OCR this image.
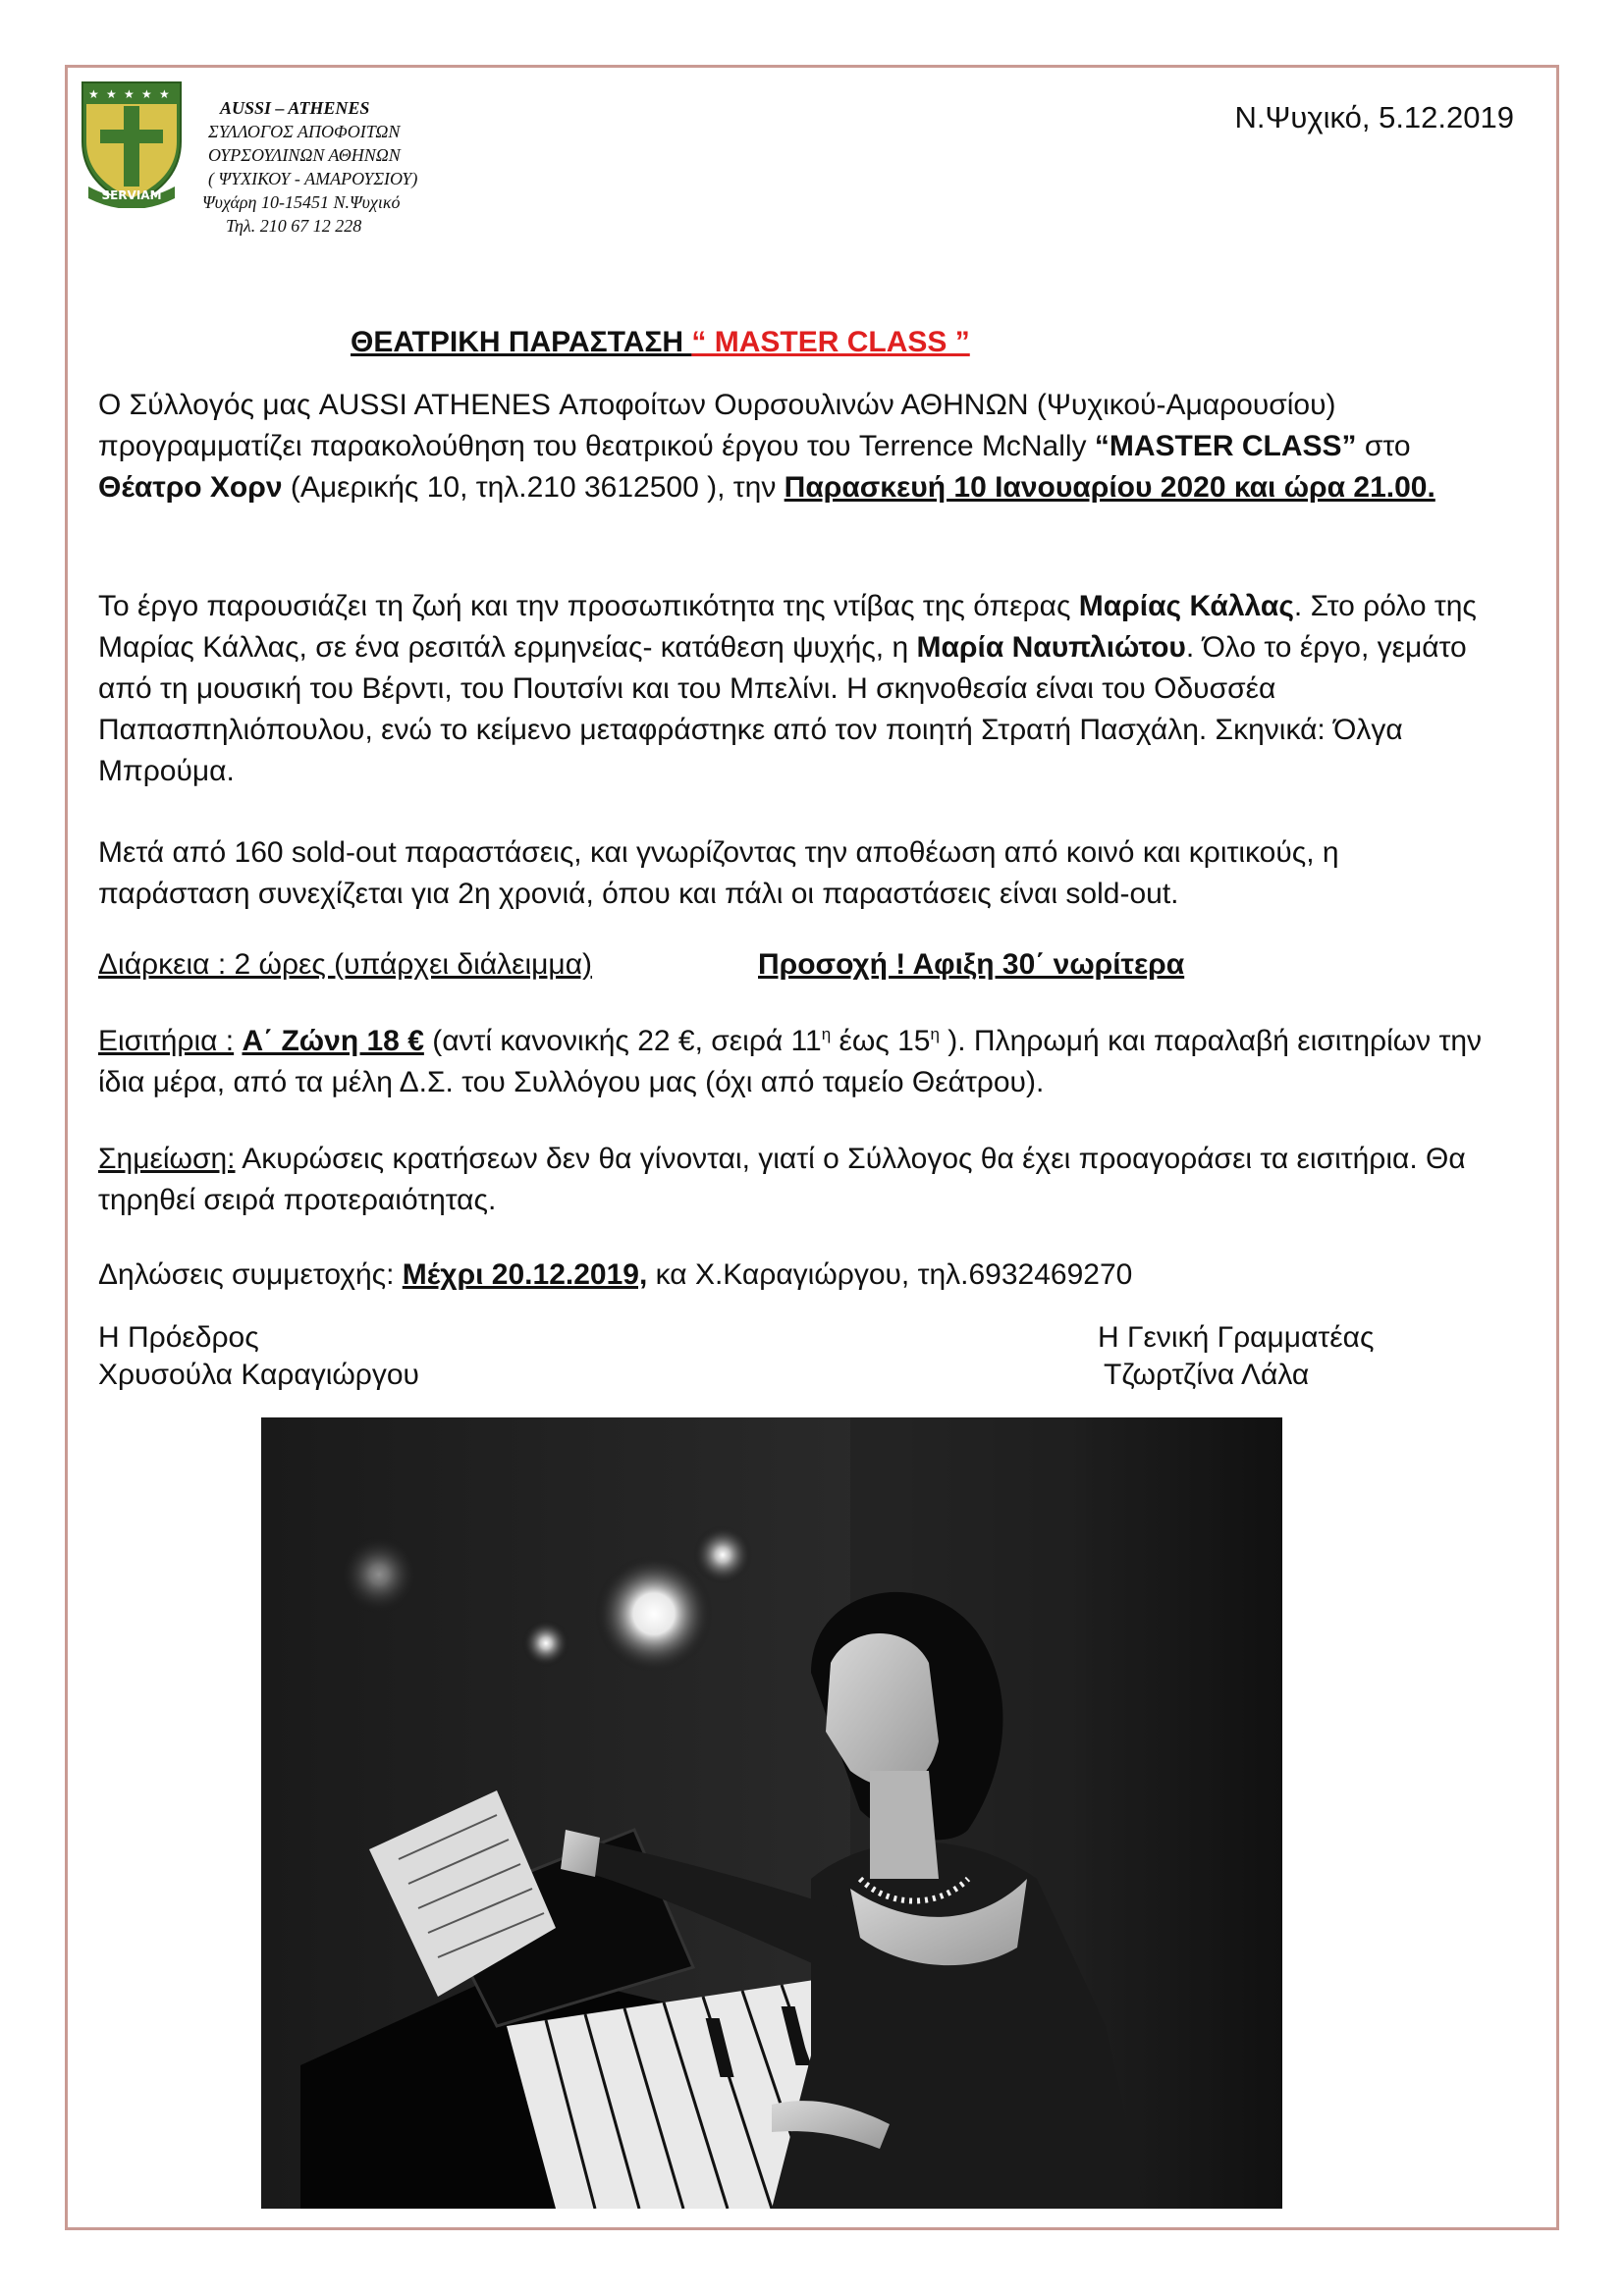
★ ★ ★ ★ ★
SERVIAM
AUSSI – ATHENES
ΣΥΛΛΟΓΟΣ ΑΠΟΦΟΙΤΩΝ
ΟΥΡΣΟΥΛΙΝΩΝ ΑΘΗΝΩΝ
( ΨΥΧΙΚΟΥ - ΑΜΑΡΟΥΣΙΟΥ)
Ψυχάρη 10-15451 Ν.Ψυχικό
Τηλ. 210 67 12 228
Ν.Ψυχικό, 5.12.2019
ΘΕΑΤΡΙΚΗ ΠΑΡΑΣΤΑΣΗ “ MASTER CLASS ”
Ο Σύλλογός μας AUSSI ATHENES Αποφοίτων Ουρσουλινών ΑΘΗΝΩΝ (Ψυχικού-Αμαρουσίου) προγραμματίζει παρακολούθηση του θεατρικού έργου του Terrence McNally “MASTER CLASS” στο Θέατρο Χορν (Αμερικής 10, τηλ.210 3612500 ), την Παρασκευή 10 Ιανουαρίου 2020 και ώρα 21.00.
Το έργο παρουσιάζει τη ζωή και την προσωπικότητα της ντίβας της όπερας Μαρίας Κάλλας. Στο ρόλο της Μαρίας Κάλλας, σε ένα ρεσιτάλ ερμηνείας- κατάθεση ψυχής, η Μαρία Ναυπλιώτου. Όλο το έργο, γεμάτο από τη μουσική του Βέρντι, του Πουτσίνι και του Μπελίνι. Η σκηνοθεσία είναι του Οδυσσέα Παπασπηλιόπουλου, ενώ το κείμενο μεταφράστηκε από τον ποιητή Στρατή Πασχάλη. Σκηνικά: Όλγα Μπρούμα.
Μετά από 160 sold-out παραστάσεις, και γνωρίζοντας την αποθέωση από κοινό και κριτικούς, η παράσταση συνεχίζεται για 2η χρονιά, όπου και πάλι οι παραστάσεις είναι sold-out.
Διάρκεια : 2 ώρες (υπάρχει διάλειμμα)	Προσοχή ! Αφιξη 30΄ νωρίτερα
Εισιτήρια : Α΄ Ζώνη 18 € (αντί κανονικής 22 €, σειρά $11^\eta$ έως $15^\eta$ ). Πληρωμή και παραλαβή εισιτηρίων την ίδια μέρα, από τα μέλη Δ.Σ. του Συλλόγου μας (όχι από ταμείο Θεάτρου).
Σημείωση: Ακυρώσεις κρατήσεων δεν θα γίνονται, γιατί ο Σύλλογος θα έχει προαγοράσει τα εισιτήρια. Θα τηρηθεί σειρά προτεραιότητας.
Δηλώσεις συμμετοχής: Μέχρι 20.12.2019, κα Χ.Καραγιώργου, τηλ.6932469270
Η Πρόεδρος
Χρυσούλα Καραγιώργου
Η Γενική Γραμματέας
Τζωρτζίνα Λάλα
